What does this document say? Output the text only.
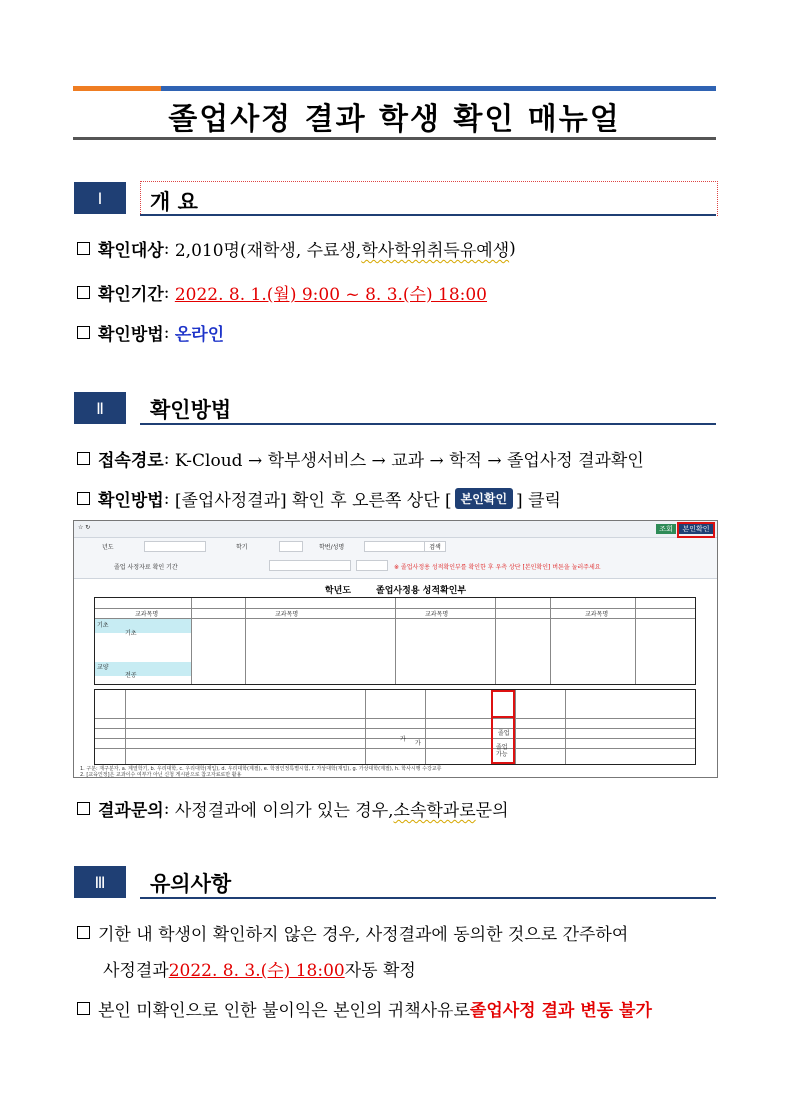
졸업사정 결과 학생 확인 매뉴얼
Ⅰ	개 요
확인대상 : 2,010명(재학생, 수료생, 학사학위취득유예생 )
확인기간 : 2022. 8. 1.(월) 9:00 ~ 8. 3.(수) 18:00
확인방법 : 온라인
Ⅱ	확인방법
접속경로 : K-Cloud → 학부생서비스 → 교과 → 학적 → 졸업사정 결과확인
확인방법 : [졸업사정결과] 확인 후 오른쪽 상단 [ 본인확인 ] 클릭
☆ ↻	조회	본인확인
년도	학기	학번/성명	검색
졸업 사정자료 확인 기간	※ 졸업사정용 성적확인부를 확인한 후 우측 상단 [본인확인] 버튼을 눌러주세요
학년도	졸업사정용 성적확인부
기초
기초
교양
전공
교과목명	교과목명	교과목명	교과목명
가
가
졸업
졸업
가능
1. 구분: 재구분자, a. 계열학기, b. 우리대학, c. 우리대학(재입), d. 우리대학(계절), e. 학점인정특별시험, f. 가상대학(재입), g. 가상대학(계절), h. 학사시행 수강교류
2. [교육인정]은 교과이수 여부가 아닌 신청 게시판으로 참고자료로만 활용
결과문의 : 사정결과에 이의가 있는 경우, 소속학과로 문의
Ⅲ	유의사항
기한 내 학생이 확인하지 않은 경우, 사정결과에 동의한 것으로 간주하여
사정결과 2022. 8. 3.(수) 18:00 자동 확정
본인 미확인으로 인한 불이익은 본인의 귀책사유로 졸업사정 결과 변동 불가
